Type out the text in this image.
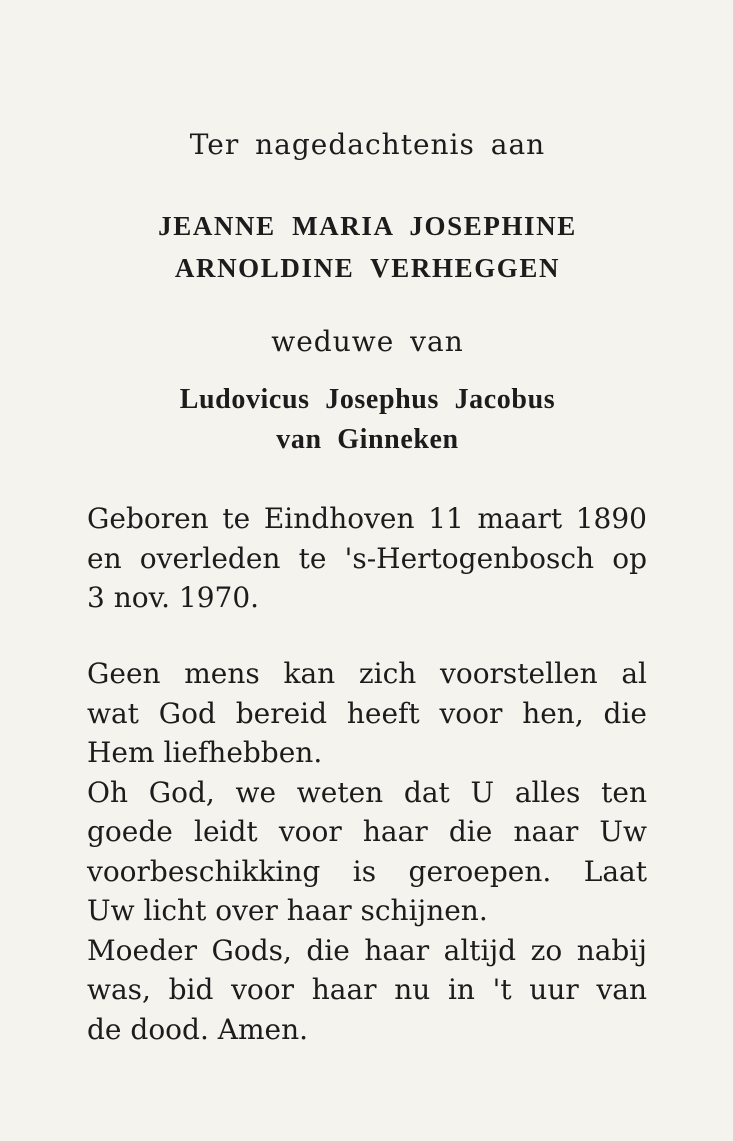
Ter nagedachtenis aan

JEANNE MARIA JOSEPHINE
ARNOLDINE VERHEGGEN

weduwe van

Ludovicus Josephus Jacobus
van Ginneken

Geboren te Eindhoven 11 maart 1890
en overleden te 's-Hertogenbosch op
3 nov. 1970.

Geen mens kan zich voorstellen al
wat God bereid heeft voor hen, die
Hem liefhebben.
Oh God, we weten dat U alles ten
goede leidt voor haar die naar Uw
voorbeschikking is geroepen. Laat
Uw licht over haar schijnen.
Moeder Gods, die haar altijd zo nabij
was, bid voor haar nu in 't uur van
de dood. Amen.
